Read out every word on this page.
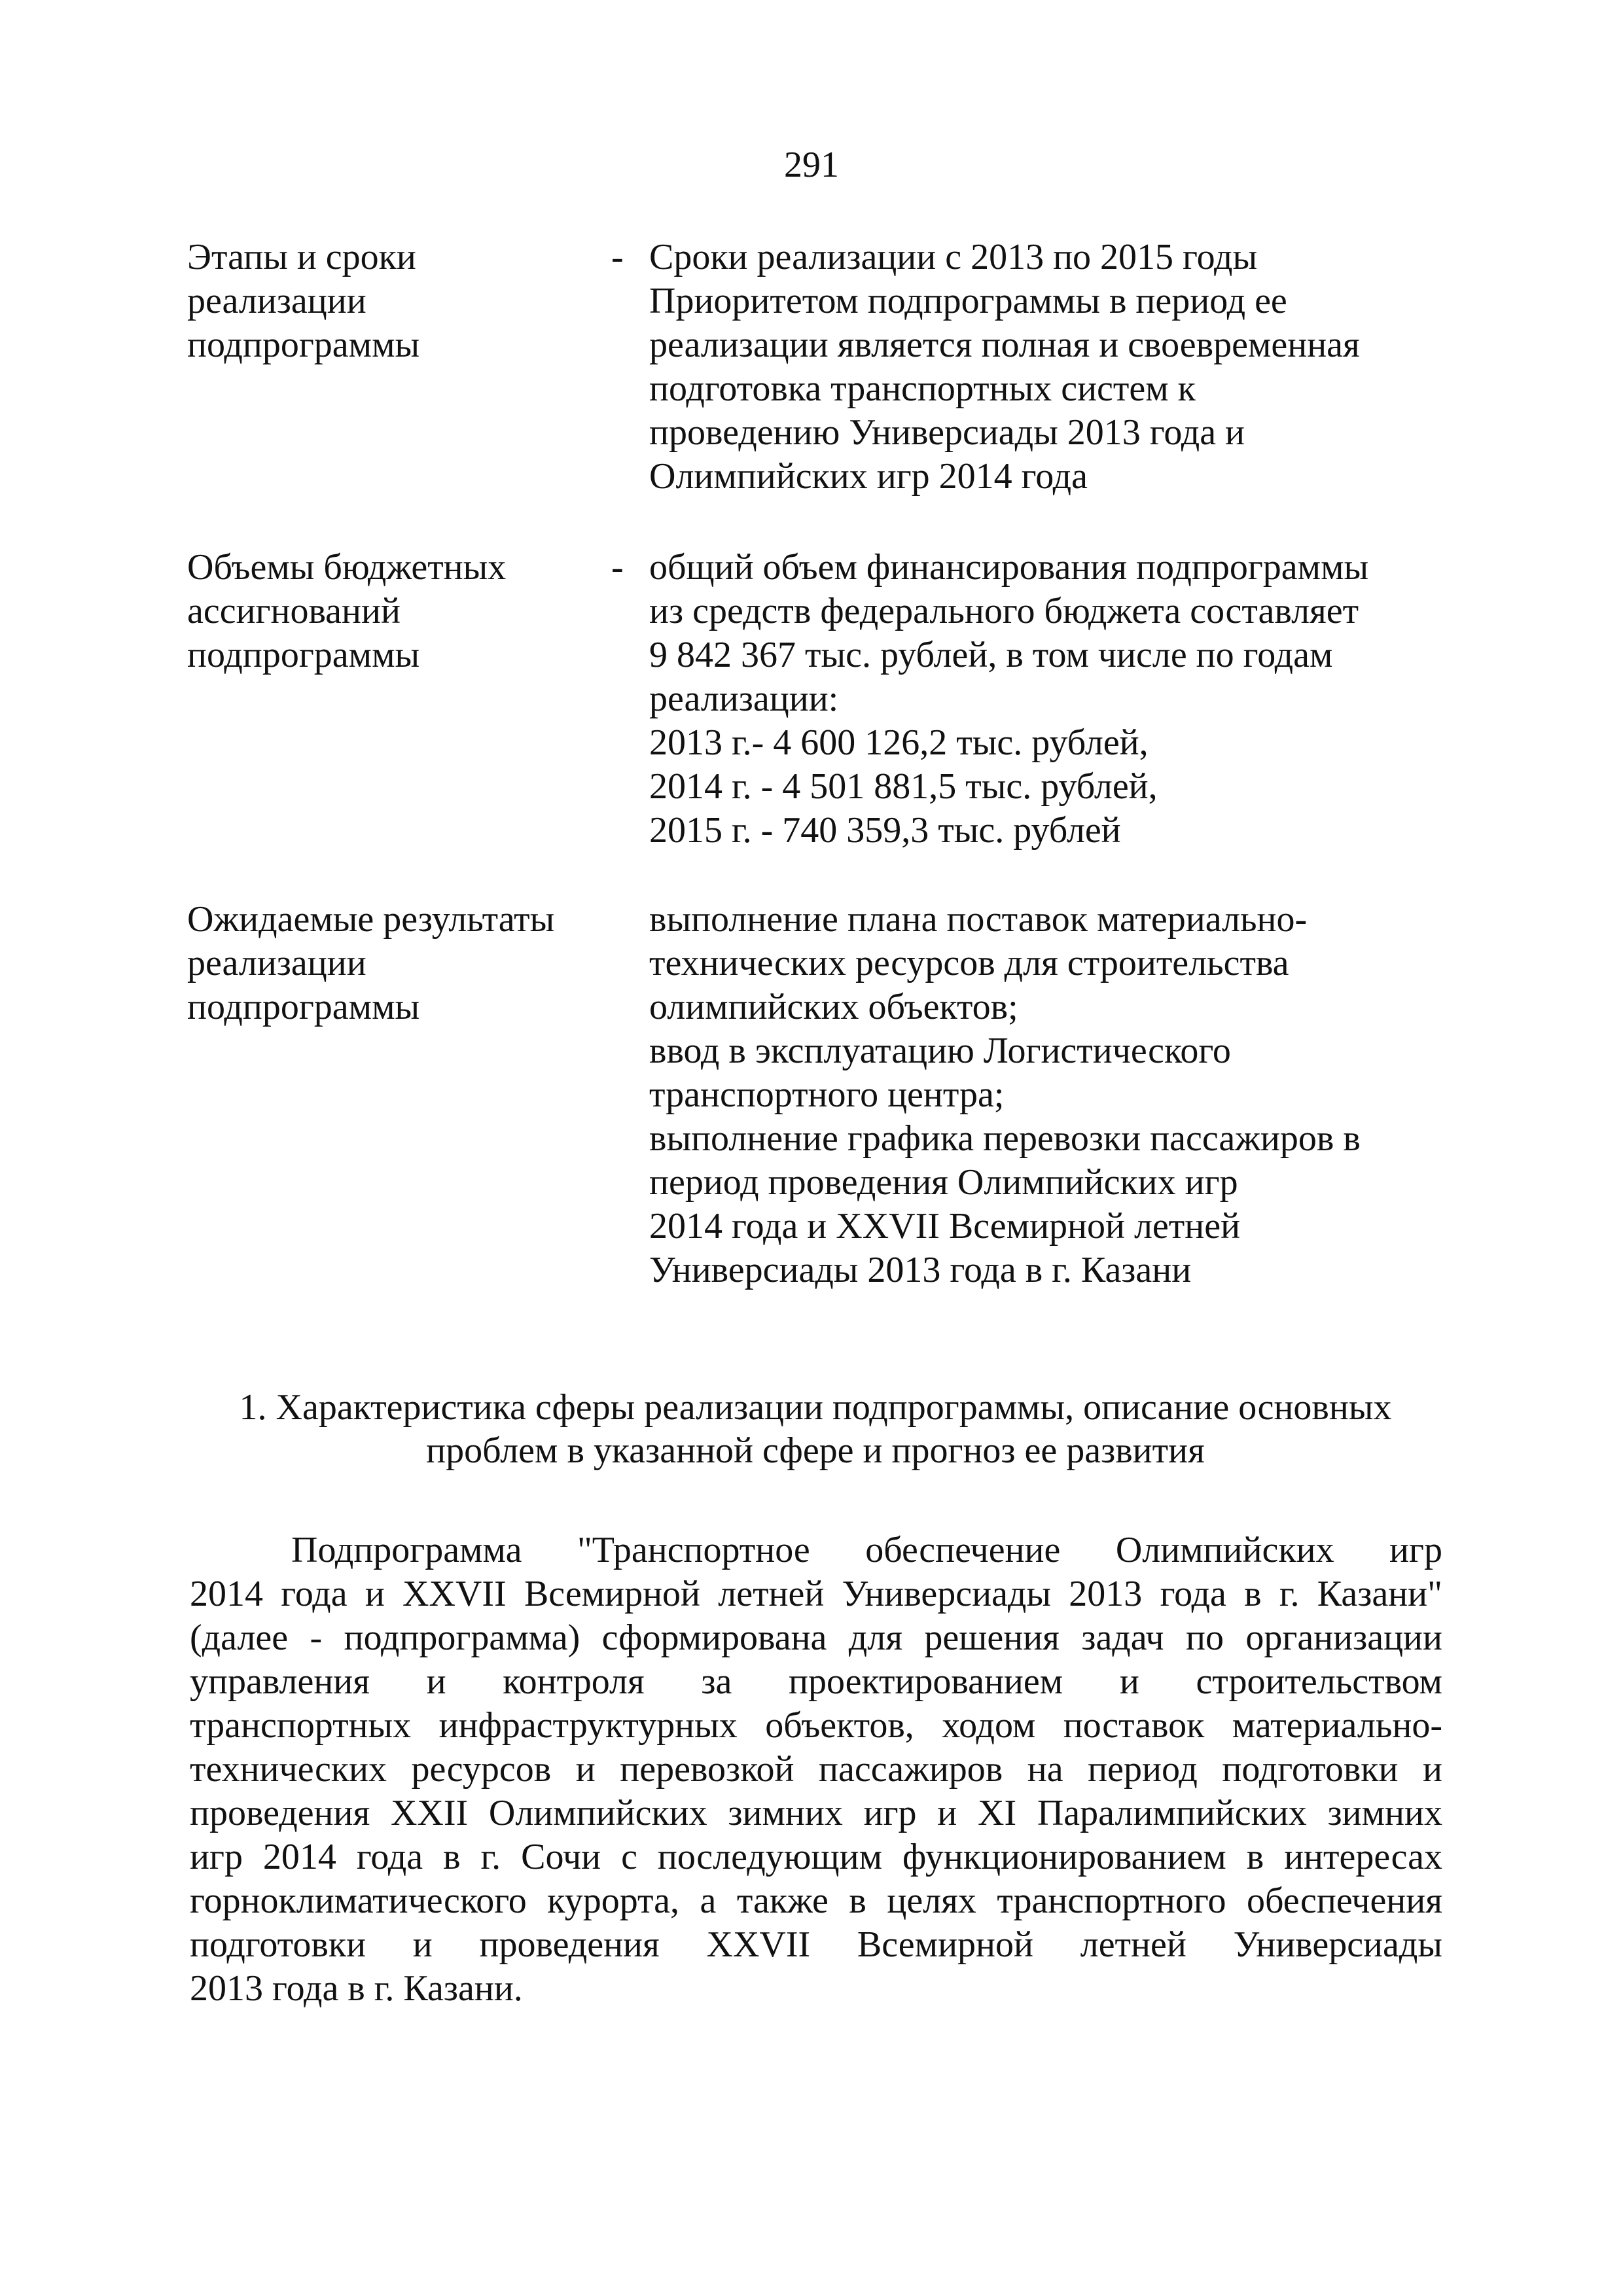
291
Этапы и сроки
реализации
подпрограммы
- Сроки реализации с 2013 по 2015 годы
Приоритетом подпрограммы в период ее
реализации является полная и своевременная
подготовка транспортных систем к
проведению Универсиады 2013 года и
Олимпийских игр 2014 года
Объемы бюджетных
ассигнований
подпрограммы
- общий объем финансирования подпрограммы
из средств федерального бюджета составляет
9 842 367 тыс. рублей, в том числе по годам
реализации:
2013 г.- 4 600 126,2 тыс. рублей,
2014 г. - 4 501 881,5 тыс. рублей,
2015 г. - 740 359,3 тыс. рублей
Ожидаемые результаты
реализации
подпрограммы
выполнение плана поставок материально-
технических ресурсов для строительства
олимпийских объектов;
ввод в эксплуатацию Логистического
транспортного центра;
выполнение графика перевозки пассажиров в
период проведения Олимпийских игр
2014 года и XXVII Всемирной летней
Универсиады 2013 года в г. Казани
1. Характеристика сферы реализации подпрограммы, описание основных
проблем в указанной сфере и прогноз ее развития
Подпрограмма "Транспортное обеспечение Олимпийских игр
2014 года и XXVII Всемирной летней Универсиады 2013 года в г. Казани"
(далее - подпрограмма) сформирована для решения задач по организации
управления и контроля за проектированием и строительством
транспортных инфраструктурных объектов, ходом поставок материально-
технических ресурсов и перевозкой пассажиров на период подготовки и
проведения XXII Олимпийских зимних игр и XI Паралимпийских зимних
игр 2014 года в г. Сочи с последующим функционированием в интересах
горноклиматического курорта, а также в целях транспортного обеспечения
подготовки и проведения XXVII Всемирной летней Универсиады
2013 года в г. Казани.
